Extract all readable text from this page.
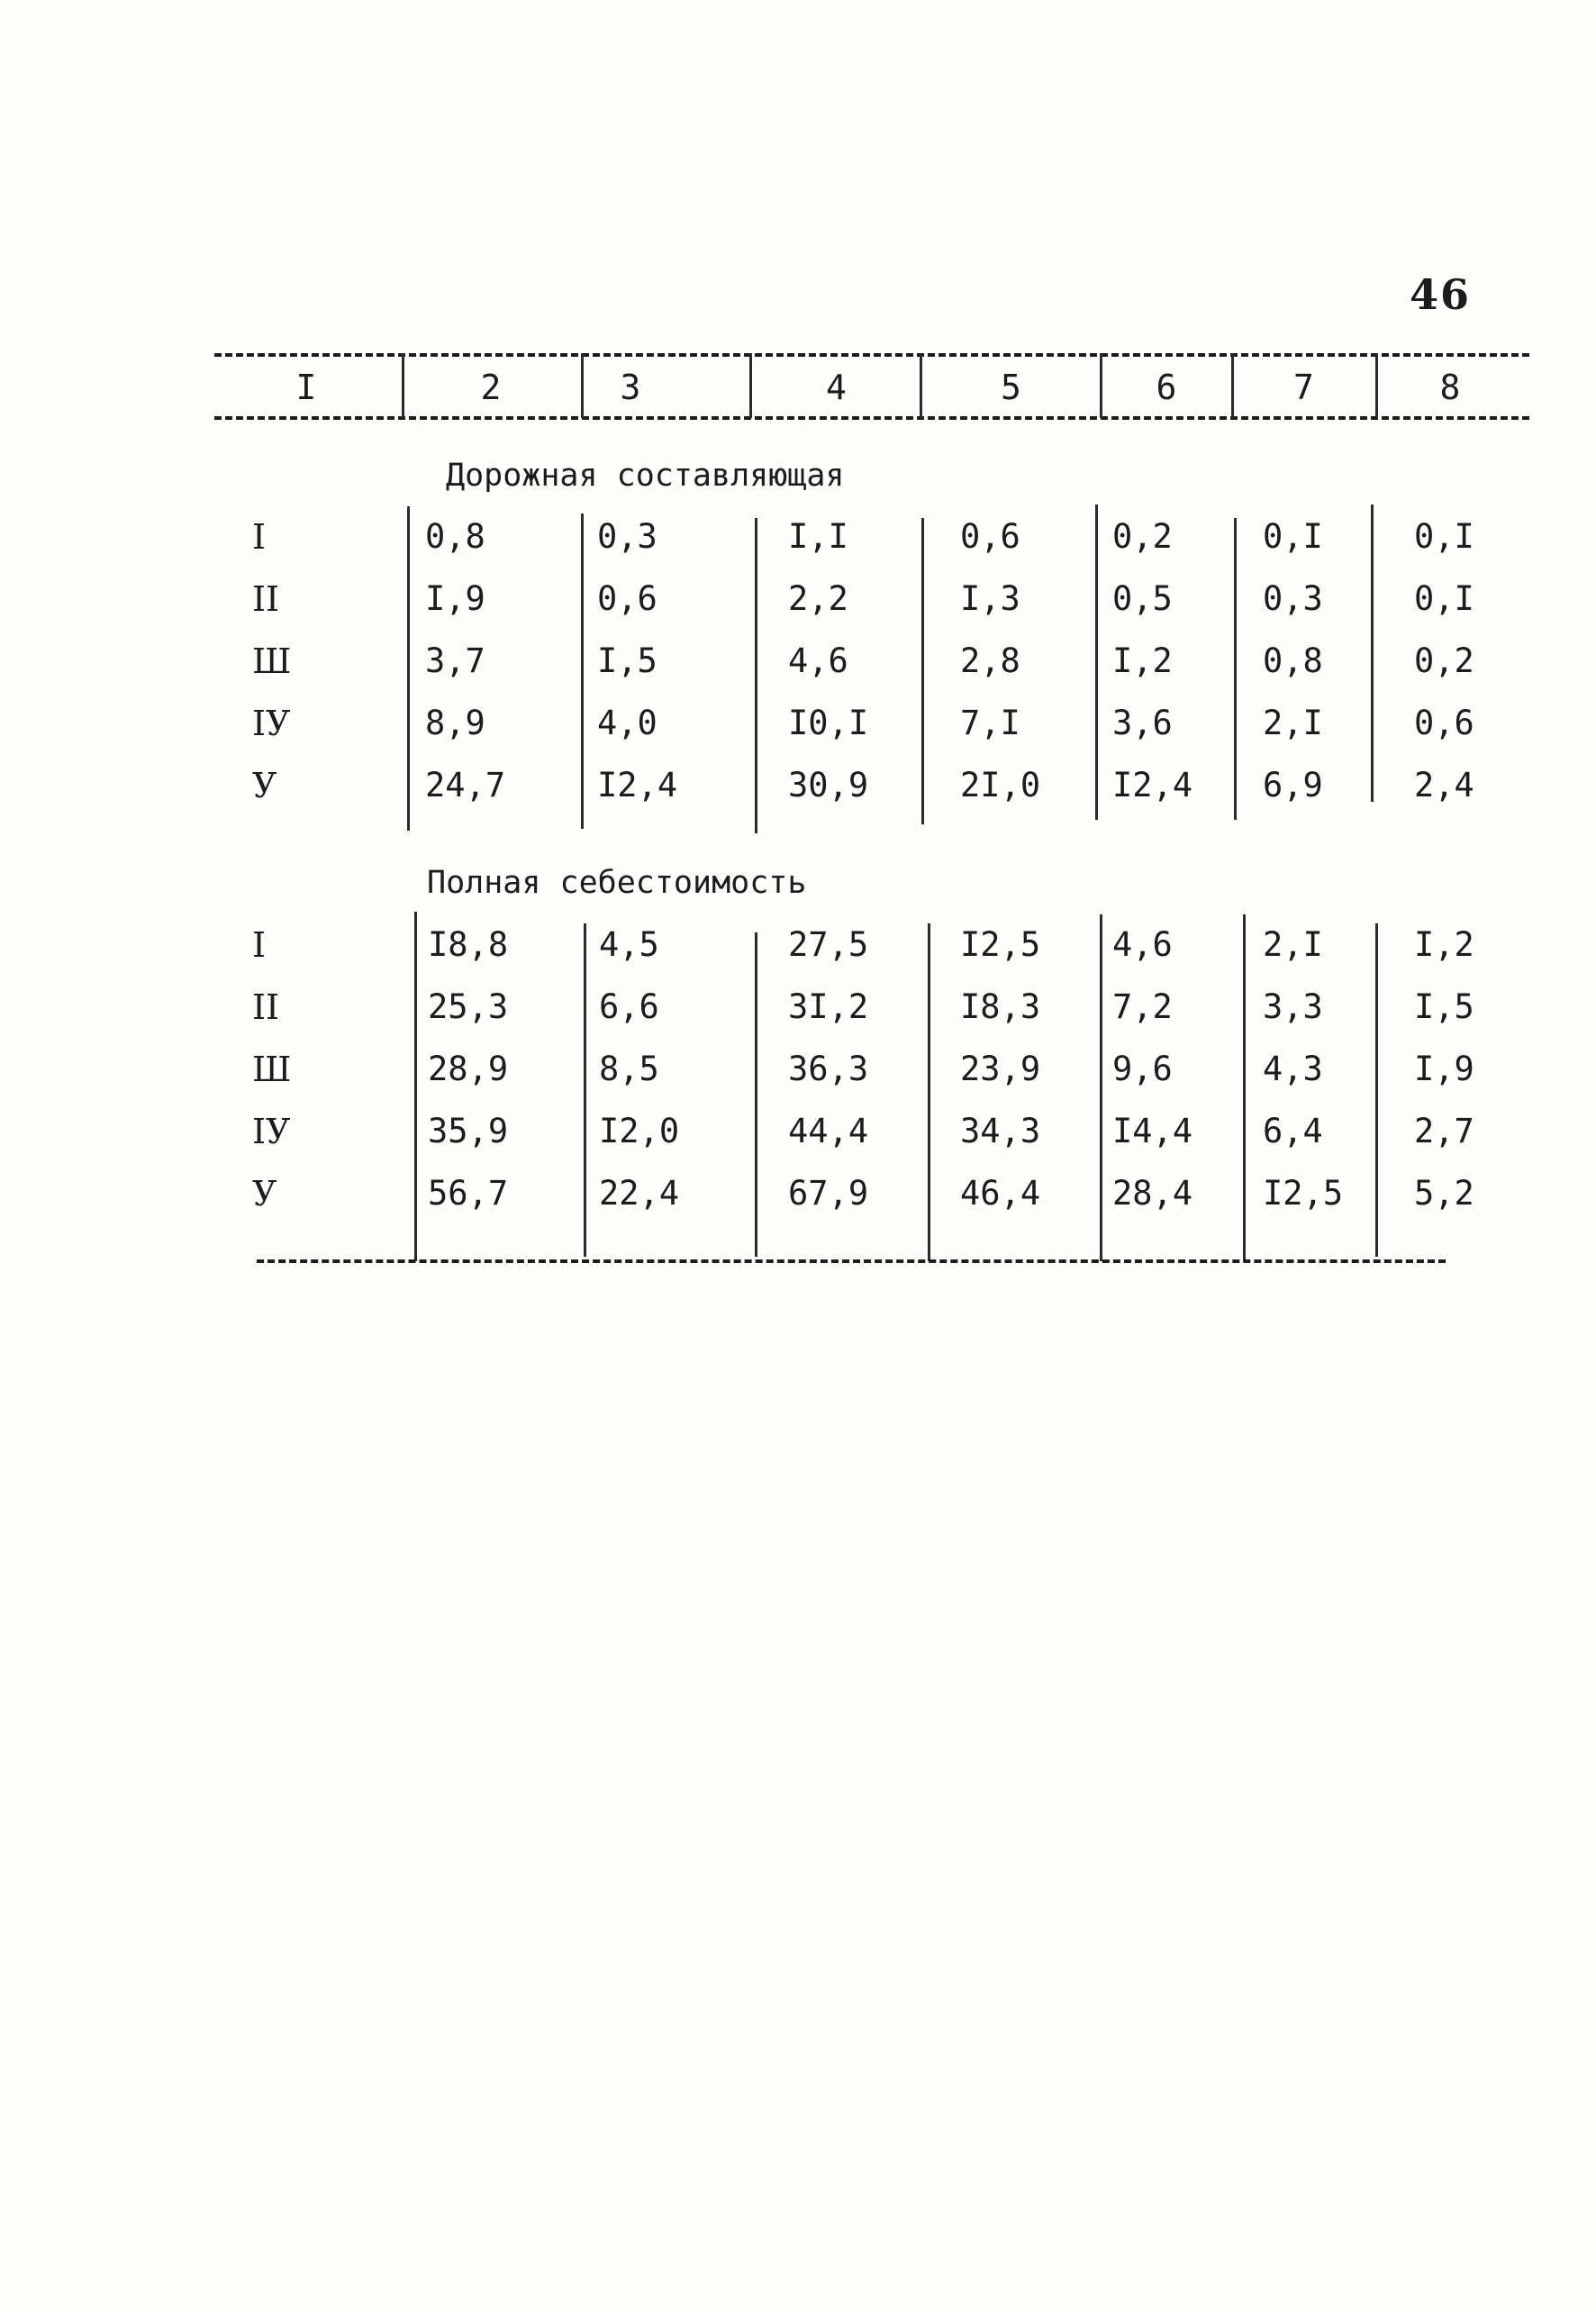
46
I	2	3	4	5	6	7	8
Дорожная составляющая
I	0,8	0,3	I,I	0,6	0,2	0,I	0,I
II	I,9	0,6	2,2	I,3	0,5	0,3	0,I
Ш	3,7	I,5	4,6	2,8	I,2	0,8	0,2
IУ	8,9	4,0	I0,I	7,I	3,6	2,I	0,6
У	24,7	I2,4	30,9	2I,0 I2,4 6,9	2,4
Полная себестоимость
I	I8,8	4,5	27,5	I2,5 4,6	2,I	I,2
II	25,3	6,6	3I,2	I8,3 7,2	3,3	I,5
Ш	28,9	8,5	36,3	23,9 9,6	4,3	I,9
IУ	35,9	I2,0	44,4	34,3 I4,4 6,4	2,7
У	56,7	22,4	67,9	46,4 28,4 I2,5 5,2
